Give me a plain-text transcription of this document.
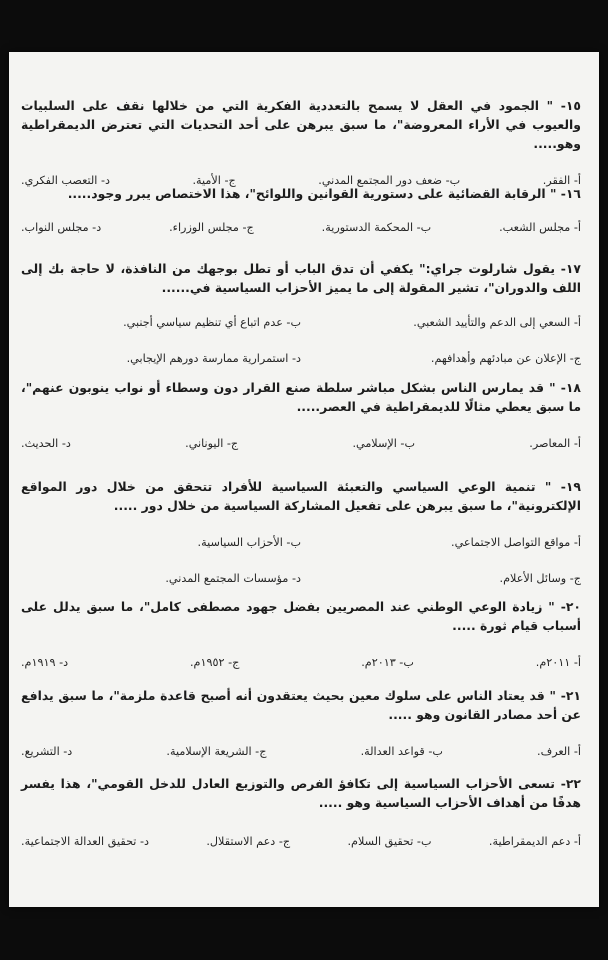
١٥- " الجمود في العقل لا يسمح بالتعددية الفكرية التي من خلالها نقف على السلبيات والعيوب في الأراء المعروضة"، ما سبق يبرهن على أحد التحديات التي تعترض الديمقراطية وهو.....

أ- الفقر.
ب- ضعف دور المجتمع المدني.
ج- الأمية.
د- التعصب الفكري.

١٦- " الرقابة القضائية على دستورية القوانين واللوائح"، هذا الاختصاص يبرر وجود.....

أ- مجلس الشعب.
ب- المحكمة الدستورية.
ج- مجلس الوزراء.
د- مجلس النواب.

١٧- يقول شارلوت جراي:" يكفي أن تدق الباب أو تطل بوجهك من النافذة، لا حاجة بك إلى اللف والدوران"، تشير المقولة إلى ما يميز الأحزاب السياسية في......

أ- السعي إلى الدعم والتأييد الشعبي.
ب- عدم اتباع أي تنظيم سياسي أجنبي.
ج- الإعلان عن مبادئهم وأهدافهم.
د- استمرارية ممارسة دورهم الإيجابي.

١٨- " قد يمارس الناس بشكل مباشر سلطة صنع القرار دون وسطاء أو نواب ينوبون عنهم"، ما سبق يعطي مثالًا للديمقراطية في العصر.....

أ- المعاصر.
ب- الإسلامي.
ج- اليوناني.
د- الحديث.

١٩- " تنمية الوعي السياسي والتعبئة السياسية للأفراد تتحقق من خلال دور المواقع الإلكترونية"، ما سبق يبرهن على تفعيل المشاركة السياسية من خلال دور .....

أ- مواقع التواصل الاجتماعي.
ب- الأحزاب السياسية.
ج- وسائل الأعلام.
د- مؤسسات المجتمع المدني.

٢٠- " زيادة الوعي الوطني عند المصريين بفضل جهود مصطفى كامل"، ما سبق يدلل على أسباب قيام ثورة .....

أ- ٢٠١١م.
ب- ٢٠١٣م.
ج- ١٩٥٢م.
د- ١٩١٩م.

٢١- " قد يعتاد الناس على سلوك معين بحيث يعتقدون أنه أصبح قاعدة ملزمة"، ما سبق يدافع عن أحد مصادر القانون وهو .....

أ- العرف.
ب- قواعد العدالة.
ج- الشريعة الإسلامية.
د- التشريع.

٢٢- تسعى الأحزاب السياسية إلى تكافؤ الفرص والتوزيع العادل للدخل القومي"، هذا يفسر هدفًا من أهداف الأحزاب السياسية وهو .....

أ- دعم الديمقراطية.
ب- تحقيق السلام.
ج- دعم الاستقلال.
د- تحقيق العدالة الاجتماعية.
